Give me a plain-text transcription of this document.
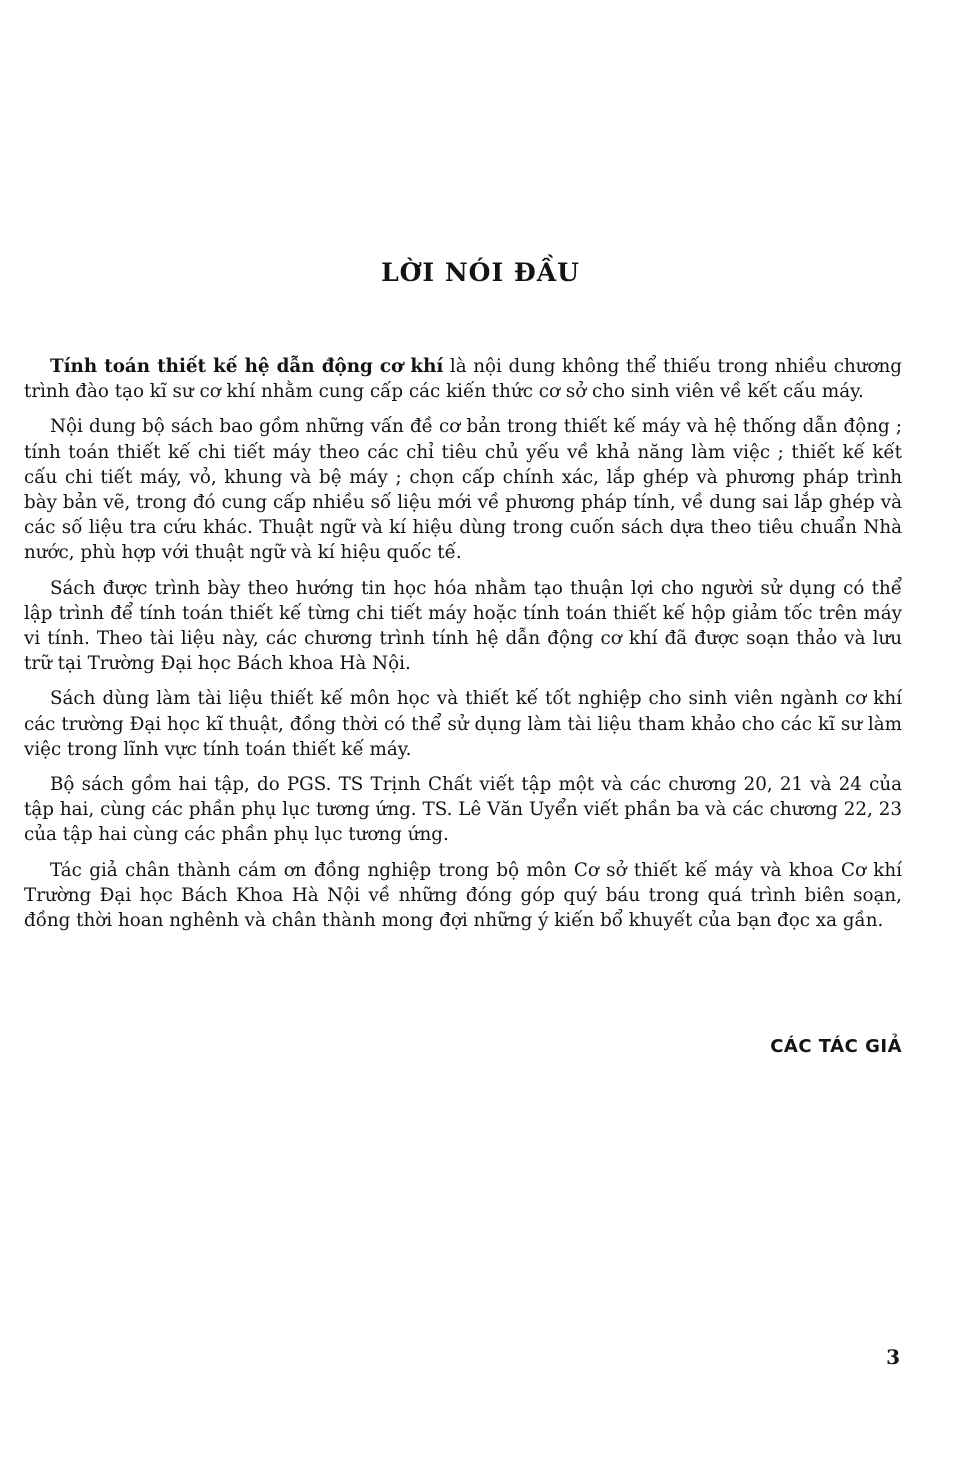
LỜI NÓI ĐẦU

Tính toán thiết kế hệ dẫn động cơ khí là nội dung không thể thiếu trong nhiều chương trình đào tạo kĩ sư cơ khí nhằm cung cấp các kiến thức cơ sở cho sinh viên về kết cấu máy.

Nội dung bộ sách bao gồm những vấn đề cơ bản trong thiết kế máy và hệ thống dẫn động ; tính toán thiết kế chi tiết máy theo các chỉ tiêu chủ yếu về khả năng làm việc ; thiết kế kết cấu chi tiết máy, vỏ, khung và bệ máy ; chọn cấp chính xác, lắp ghép và phương pháp trình bày bản vẽ, trong đó cung cấp nhiều số liệu mới về phương pháp tính, về dung sai lắp ghép và các số liệu tra cứu khác. Thuật ngữ và kí hiệu dùng trong cuốn sách dựa theo tiêu chuẩn Nhà nước, phù hợp với thuật ngữ và kí hiệu quốc tế.

Sách được trình bày theo hướng tin học hóa nhằm tạo thuận lợi cho người sử dụng có thể lập trình để tính toán thiết kế từng chi tiết máy hoặc tính toán thiết kế hộp giảm tốc trên máy vi tính. Theo tài liệu này, các chương trình tính hệ dẫn động cơ khí đã được soạn thảo và lưu trữ tại Trường Đại học Bách khoa Hà Nội.

Sách dùng làm tài liệu thiết kế môn học và thiết kế tốt nghiệp cho sinh viên ngành cơ khí các trường Đại học kĩ thuật, đồng thời có thể sử dụng làm tài liệu tham khảo cho các kĩ sư làm việc trong lĩnh vực tính toán thiết kế máy.

Bộ sách gồm hai tập, do PGS. TS Trịnh Chất viết tập một và các chương 20, 21 và 24 của tập hai, cùng các phần phụ lục tương ứng. TS. Lê Văn Uyển viết phần ba và các chương 22, 23 của tập hai cùng các phần phụ lục tương ứng.

Tác giả chân thành cám ơn đồng nghiệp trong bộ môn Cơ sở thiết kế máy và khoa Cơ khí Trường Đại học Bách Khoa Hà Nội về những đóng góp quý báu trong quá trình biên soạn, đồng thời hoan nghênh và chân thành mong đợi những ý kiến bổ khuyết của bạn đọc xa gần.

CÁC TÁC GIẢ
3
